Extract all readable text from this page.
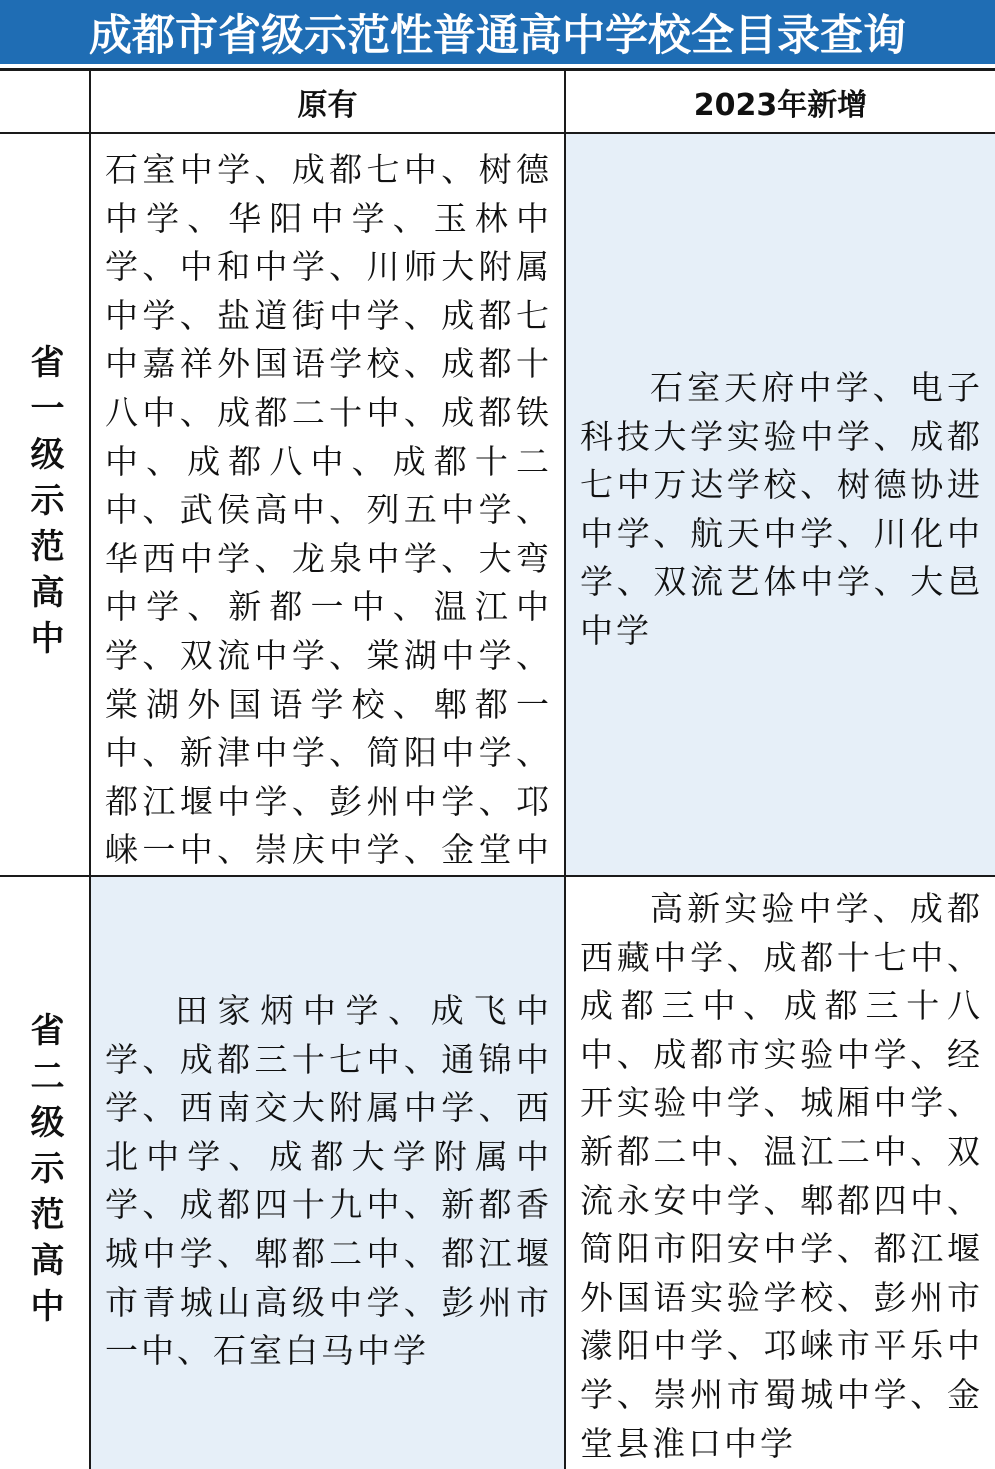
成都市省级示范性普通高中学校全目录查询
原有	2023年新增
省一级示范高中
石室中学、成都七中、树德中学、华阳中学、玉林中学、中和中学、川师大附属中学、盐道街中学、成都七中嘉祥外国语学校、成都十八中、成都二十中、成都铁中、成都八中、成都十二中、武侯高中、列五中学、华西中学、龙泉中学、大弯中学、新都一中、温江中学、双流中学、棠湖中学、棠湖外国语学校、郫都一中、新津中学、简阳中学、都江堰中学、彭州中学、邛崃一中、崇庆中学、金堂中
石室天府中学、电子科技大学实验中学、成都七中万达学校、树德协进中学、航天中学、川化中学、双流艺体中学、大邑中学
省二级示范高中
田家炳中学、成飞中学、成都三十七中、通锦中学、西南交大附属中学、西北中学、成都大学附属中学、成都四十九中、新都香城中学、郫都二中、都江堰市青城山高级中学、彭州市一中、石室白马中学
高新实验中学、成都西藏中学、成都十七中、成都三中、成都三十八中、成都市实验中学、经开实验中学、城厢中学、新都二中、温江二中、双流永安中学、郫都四中、简阳市阳安中学、都江堰外国语实验学校、彭州市濛阳中学、邛崃市平乐中学、崇州市蜀城中学、金堂县淮口中学
